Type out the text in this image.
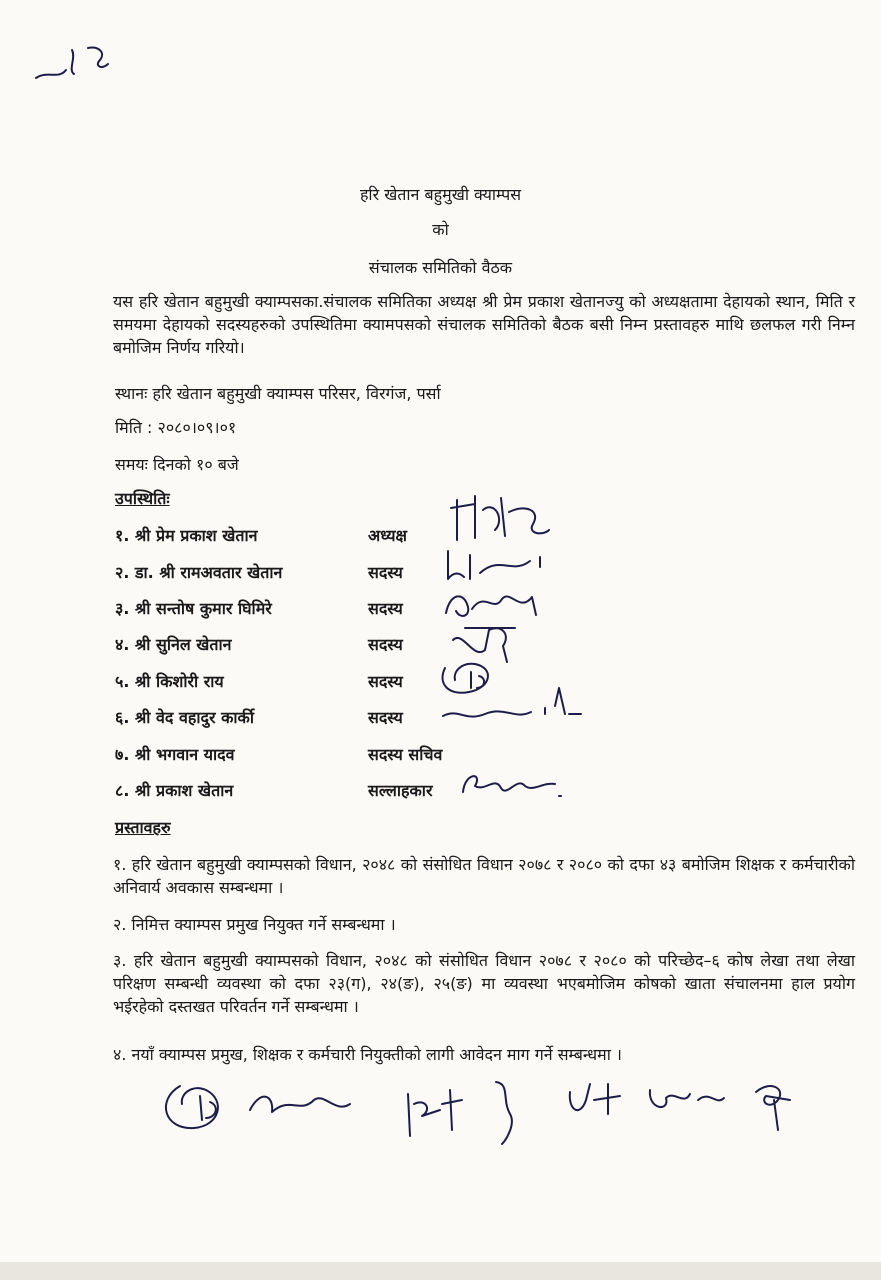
हरि खेतान बहुमुखी क्याम्पस
को
संचालक समितिको वैठक
यस हरि खेतान बहुमुखी क्याम्पसका.संचालक समितिका अध्यक्ष श्री प्रेम प्रकाश खेतानज्यु को अध्यक्षतामा देहायको स्थान, मिति र समयमा देहायको सदस्यहरुको उपस्थितिमा क्यामपसको संचालक समितिको बैठक बसी निम्न प्रस्तावहरु माथि छलफल गरी निम्न बमोजिम निर्णय गरियो।
स्थानः हरि खेतान बहुमुखी क्याम्पस परिसर, विरगंज, पर्सा
मिति : २०८०।०९।०१
समयः दिनको १० बजे
उपस्थितिः
१. श्री प्रेम प्रकाश खेतान	अध्यक्ष
२. डा. श्री रामअवतार खेतान	सदस्य
३. श्री सन्तोष कुमार घिमिरे	सदस्य
४. श्री सुनिल खेतान	सदस्य
५. श्री किशोरी राय	सदस्य
६. श्री वेद वहादुर कार्की	सदस्य
७. श्री भगवान यादव	सदस्य सचिव
८. श्री प्रकाश खेतान	सल्लाहकार
प्रस्तावहरु
१. हरि खेतान बहुमुखी क्याम्पसको विधान, २०४८ को संसोधित विधान २०७८ र २०८० को दफा ४३ बमोजिम शिक्षक र कर्मचारीको अनिवार्य अवकास सम्बन्धमा ।
२. निमित्त क्याम्पस प्रमुख नियुक्त गर्ने सम्बन्धमा ।
३. हरि खेतान बहुमुखी क्याम्पसको विधान, २०४८ को संसोधित विधान २०७८ र २०८० को परिच्छेद–६ कोष लेखा तथा लेखा परिक्षण सम्बन्धी व्यवस्था को दफा २३(ग), २४(ङ), २५(ङ) मा व्यवस्था भएबमोजिम कोषको खाता संचालनमा हाल प्रयोग भईरहेको दस्तखत परिवर्तन गर्ने सम्बन्धमा ।
४. नयाँ क्याम्पस प्रमुख, शिक्षक र कर्मचारी नियुक्तीको लागी आवेदन माग गर्ने सम्बन्धमा ।
